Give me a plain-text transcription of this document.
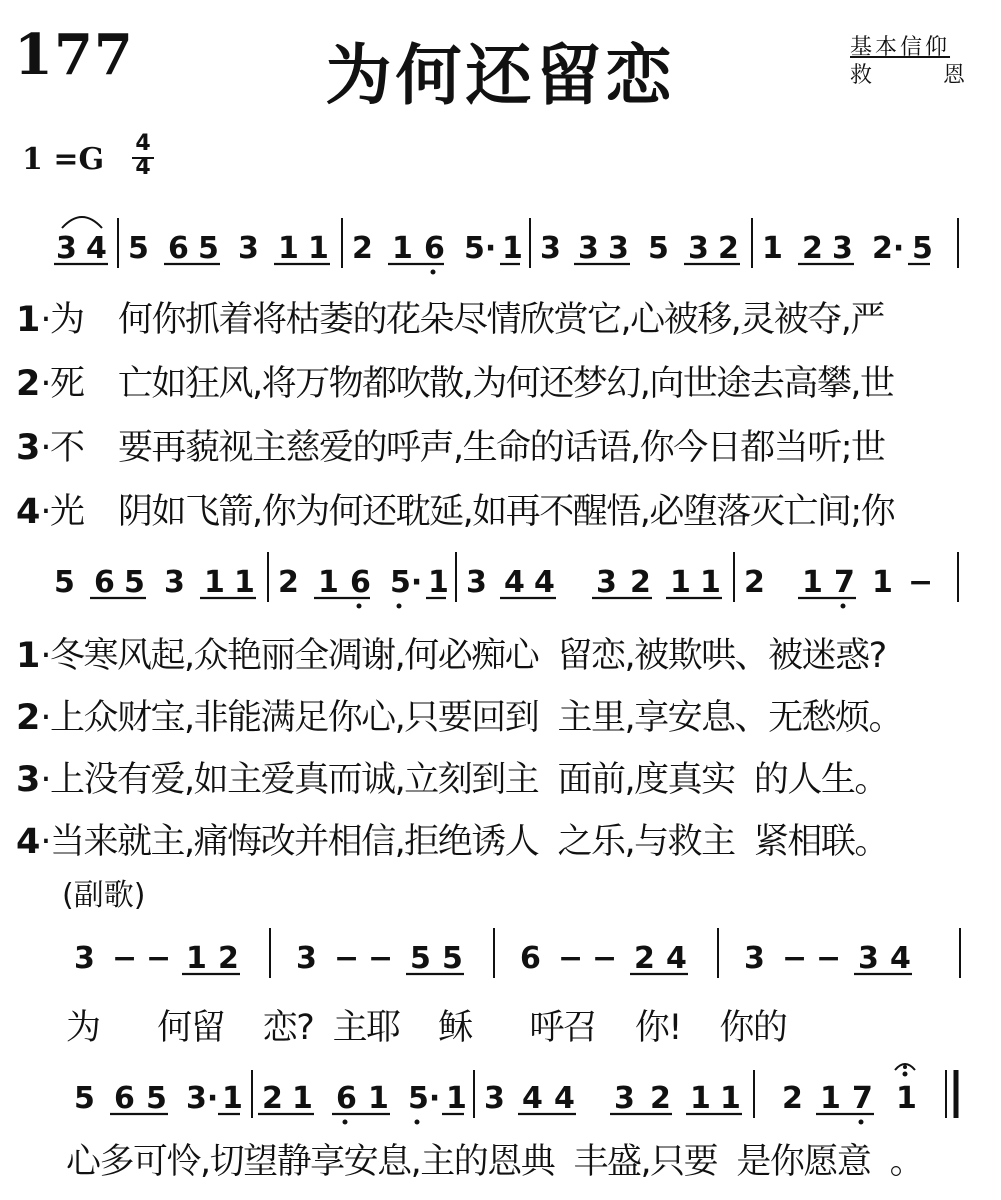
177	为何还留恋	基本信仰
救	恩
1 =G 4
4
3 4 5 6 5 3 1 1 2 1 6 5· 1 3 3 3 5 3 2 1 2 3 2· 5
5 6 5 3 1 1 2 1 6 5· 1 3 4 4 3 2 1 1 2 1 7 1 −
3 − − 1 2 3 − − 5 5 6 − − 2 4 3 − − 3 4
5 6 5 3· 1 2 1 6 1 5· 1 3 4 4 3 2 1 1 2 1 7 1
1·为 何你抓着将枯萎的花朵尽情欣赏它,心被移,灵被夺,严
2·死 亡如狂风,将万物都吹散,为何还梦幻,向世途去高攀,世
3·不 要再藐视主慈爱的呼声,生命的话语,你今日都当听;世
4·光 阴如飞箭,你为何还耽延,如再不醒悟,必堕落灭亡间;你
1·冬寒风起,众艳丽全凋谢,何必痴心  留恋,被欺哄、被迷惑?
2·上众财宝,非能满足你心,只要回到  主里,享安息、无愁烦。
3·上没有爱,如主爱真而诚,立刻到主  面前,度真实  的人生。
4·当来就主,痛悔改并相信,拒绝诱人  之乐,与救主  紧相联。
(副歌)
为      何留    恋?  主耶    稣      呼召    你!    你的
心多可怜,切望静享安息,主的恩典  丰盛,只要  是你愿意  。
